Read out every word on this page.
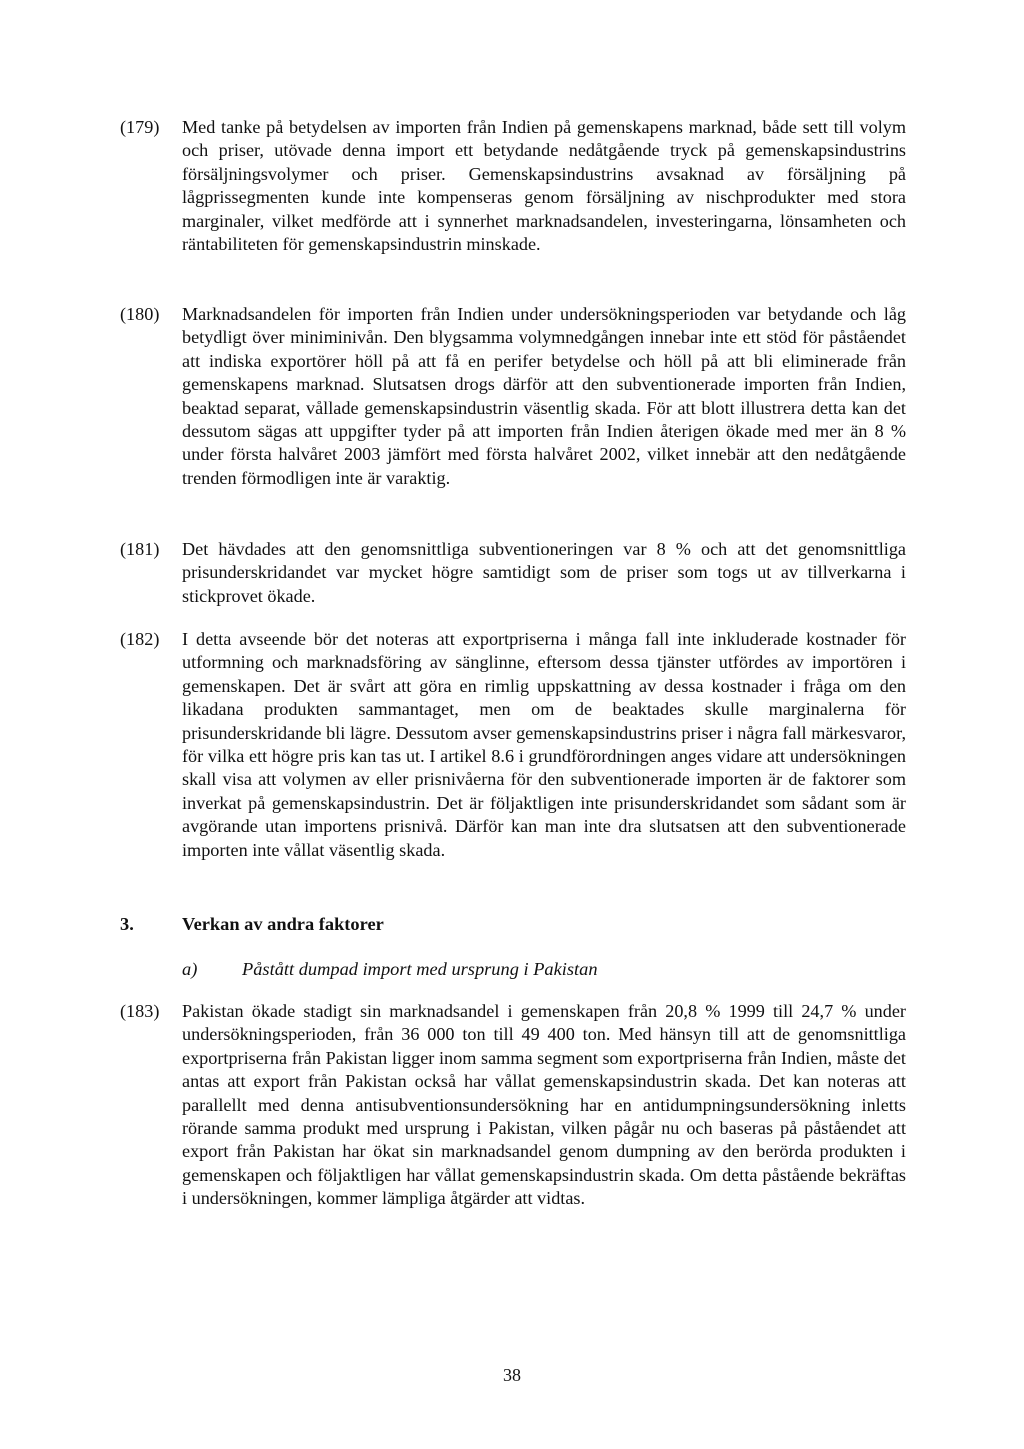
(179)	Med tanke på betydelsen av importen från Indien på gemenskapens marknad, både sett till volym och priser, utövade denna import ett betydande nedåtgående tryck på gemenskapsindustrins försäljningsvolymer och priser. Gemenskapsindustrins avsaknad av försäljning på lågprissegmenten kunde inte kompenseras genom försäljning av nischprodukter med stora marginaler, vilket medförde att i synnerhet marknadsandelen, investeringarna, lönsamheten och räntabiliteten för gemenskapsindustrin minskade.
(180)	Marknadsandelen för importen från Indien under undersökningsperioden var betydande och låg betydligt över miniminivån. Den blygsamma volymnedgången innebar inte ett stöd för påståendet att indiska exportörer höll på att få en perifer betydelse och höll på att bli eliminerade från gemenskapens marknad. Slutsatsen drogs därför att den subventionerade importen från Indien, beaktad separat, vållade gemenskapsindustrin väsentlig skada. För att blott illustrera detta kan det dessutom sägas att uppgifter tyder på att importen från Indien återigen ökade med mer än 8 % under första halvåret 2003 jämfört med första halvåret 2002, vilket innebär att den nedåtgående trenden förmodligen inte är varaktig.
(181)	Det hävdades att den genomsnittliga subventioneringen var 8 % och att det genomsnittliga prisunderskridandet var mycket högre samtidigt som de priser som togs ut av tillverkarna i stickprovet ökade.
(182)	I detta avseende bör det noteras att exportpriserna i många fall inte inkluderade kostnader för utformning och marknadsföring av sänglinne, eftersom dessa tjänster utfördes av importören i gemenskapen. Det är svårt att göra en rimlig uppskattning av dessa kostnader i fråga om den likadana produkten sammantaget, men om de beaktades skulle marginalerna för prisunderskridande bli lägre. Dessutom avser gemenskapsindustrins priser i några fall märkesvaror, för vilka ett högre pris kan tas ut. I artikel 8.6 i grundförordningen anges vidare att undersökningen skall visa att volymen av eller prisnivåerna för den subventionerade importen är de faktorer som inverkat på gemenskapsindustrin. Det är följaktligen inte prisunderskridandet som sådant som är avgörande utan importens prisnivå. Därför kan man inte dra slutsatsen att den subventionerade importen inte vållat väsentlig skada.
3.	Verkan av andra faktorer
a) Påstått dumpad import med ursprung i Pakistan
(183)	Pakistan ökade stadigt sin marknadsandel i gemenskapen från 20,8 % 1999 till 24,7 % under undersökningsperioden, från 36 000 ton till 49 400 ton. Med hänsyn till att de genomsnittliga exportpriserna från Pakistan ligger inom samma segment som exportpriserna från Indien, måste det antas att export från Pakistan också har vållat gemenskapsindustrin skada. Det kan noteras att parallellt med denna antisubventionsundersökning har en antidumpningsundersökning inletts rörande samma produkt med ursprung i Pakistan, vilken pågår nu och baseras på påståendet att export från Pakistan har ökat sin marknadsandel genom dumpning av den berörda produkten i gemenskapen och följaktligen har vållat gemenskapsindustrin skada. Om detta påstående bekräftas i undersökningen, kommer lämpliga åtgärder att vidtas.
38
